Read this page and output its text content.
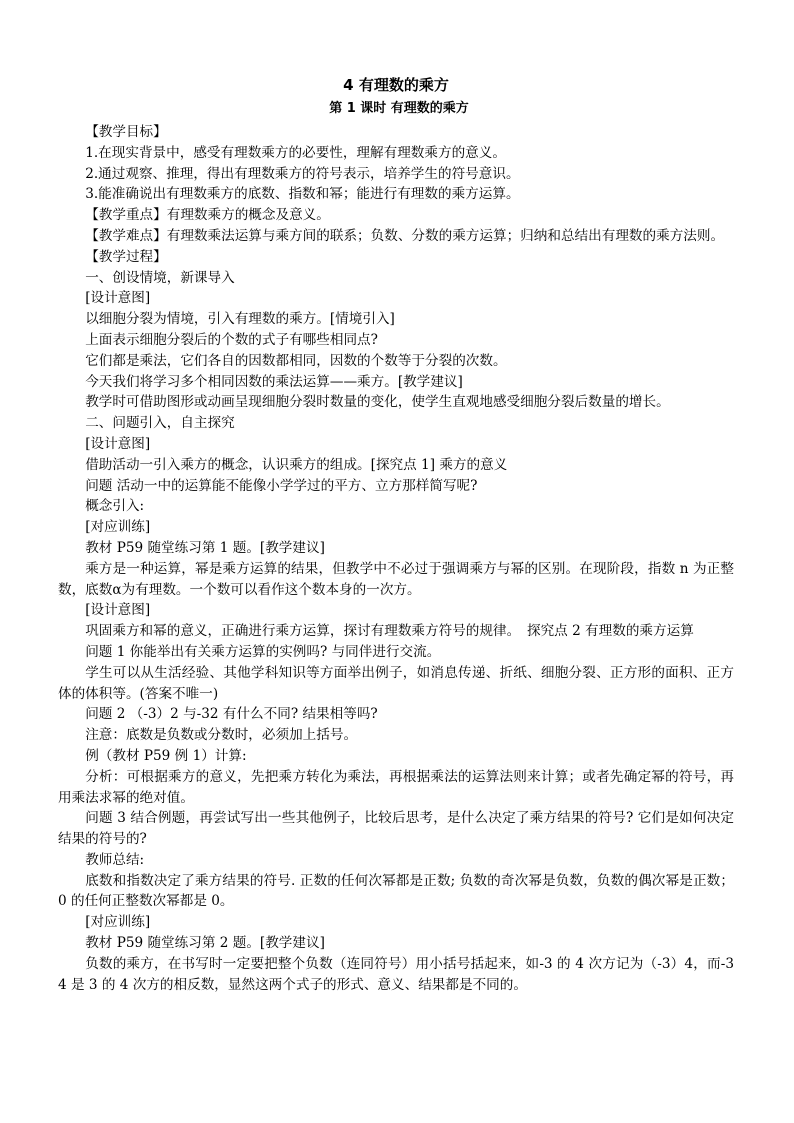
4 有理数的乘方
第 1 课时 有理数的乘方

【教学目标】

1.在现实背景中，感受有理数乘方的必要性，理解有理数乘方的意义。

2.通过观察、推理，得出有理数乘方的符号表示，培养学生的符号意识。

3.能准确说出有理数乘方的底数、指数和幂；能进行有理数的乘方运算。

【教学重点】有理数乘方的概念及意义。

【教学难点】有理数乘法运算与乘方间的联系；负数、分数的乘方运算；归纳和总结出有理数的乘方法则。

【教学过程】

一、创设情境，新课导入

[设计意图]

以细胞分裂为情境，引入有理数的乘方。[情境引入]

上面表示细胞分裂后的个数的式子有哪些相同点?

它们都是乘法，它们各自的因数都相同，因数的个数等于分裂的次数。

今天我们将学习多个相同因数的乘法运算——乘方。[教学建议]

教学时可借助图形或动画呈现细胞分裂时数量的变化，使学生直观地感受细胞分裂后数量的增长。

二、问题引入，自主探究

[设计意图]

借助活动一引入乘方的概念，认识乘方的组成。[探究点 1] 乘方的意义

问题 活动一中的运算能不能像小学学过的平方、立方那样简写呢?

概念引入:

[对应训练]

教材 P59 随堂练习第 1 题。[教学建议]

乘方是一种运算，幂是乘方运算的结果，但教学中不必过于强调乘方与幂的区别。在现阶段，指数 n 为正整数，底数α为有理数。一个数可以看作这个数本身的一次方。

[设计意图]

巩固乘方和幂的意义，正确进行乘方运算，探讨有理数乘方符号的规律。　探究点 2 有理数的乘方运算

问题 1 你能举出有关乘方运算的实例吗? 与同伴进行交流。

学生可以从生活经验、其他学科知识等方面举出例子，如消息传递、折纸、细胞分裂、正方形的面积、正方体的体积等。(答案不唯一)

问题 2 （-3）2 与-32 有什么不同? 结果相等吗?

注意：底数是负数或分数时，必须加上括号。

例（教材 P59 例 1）计算:

分析：可根据乘方的意义，先把乘方转化为乘法，再根据乘法的运算法则来计算；或者先确定幂的符号，再用乘法求幂的绝对值。

问题 3 结合例题，再尝试写出一些其他例子，比较后思考，是什么决定了乘方结果的符号? 它们是如何决定结果的符号的?

教师总结:

底数和指数决定了乘方结果的符号. 正数的任何次幂都是正数; 负数的奇次幂是负数，负数的偶次幂是正数；0 的任何正整数次幂都是 0。

[对应训练]

教材 P59 随堂练习第 2 题。[教学建议]

负数的乘方，在书写时一定要把整个负数（连同符号）用小括号括起来，如-3 的 4 次方记为（-3）4，而-34 是 3 的 4 次方的相反数，显然这两个式子的形式、意义、结果都是不同的。
